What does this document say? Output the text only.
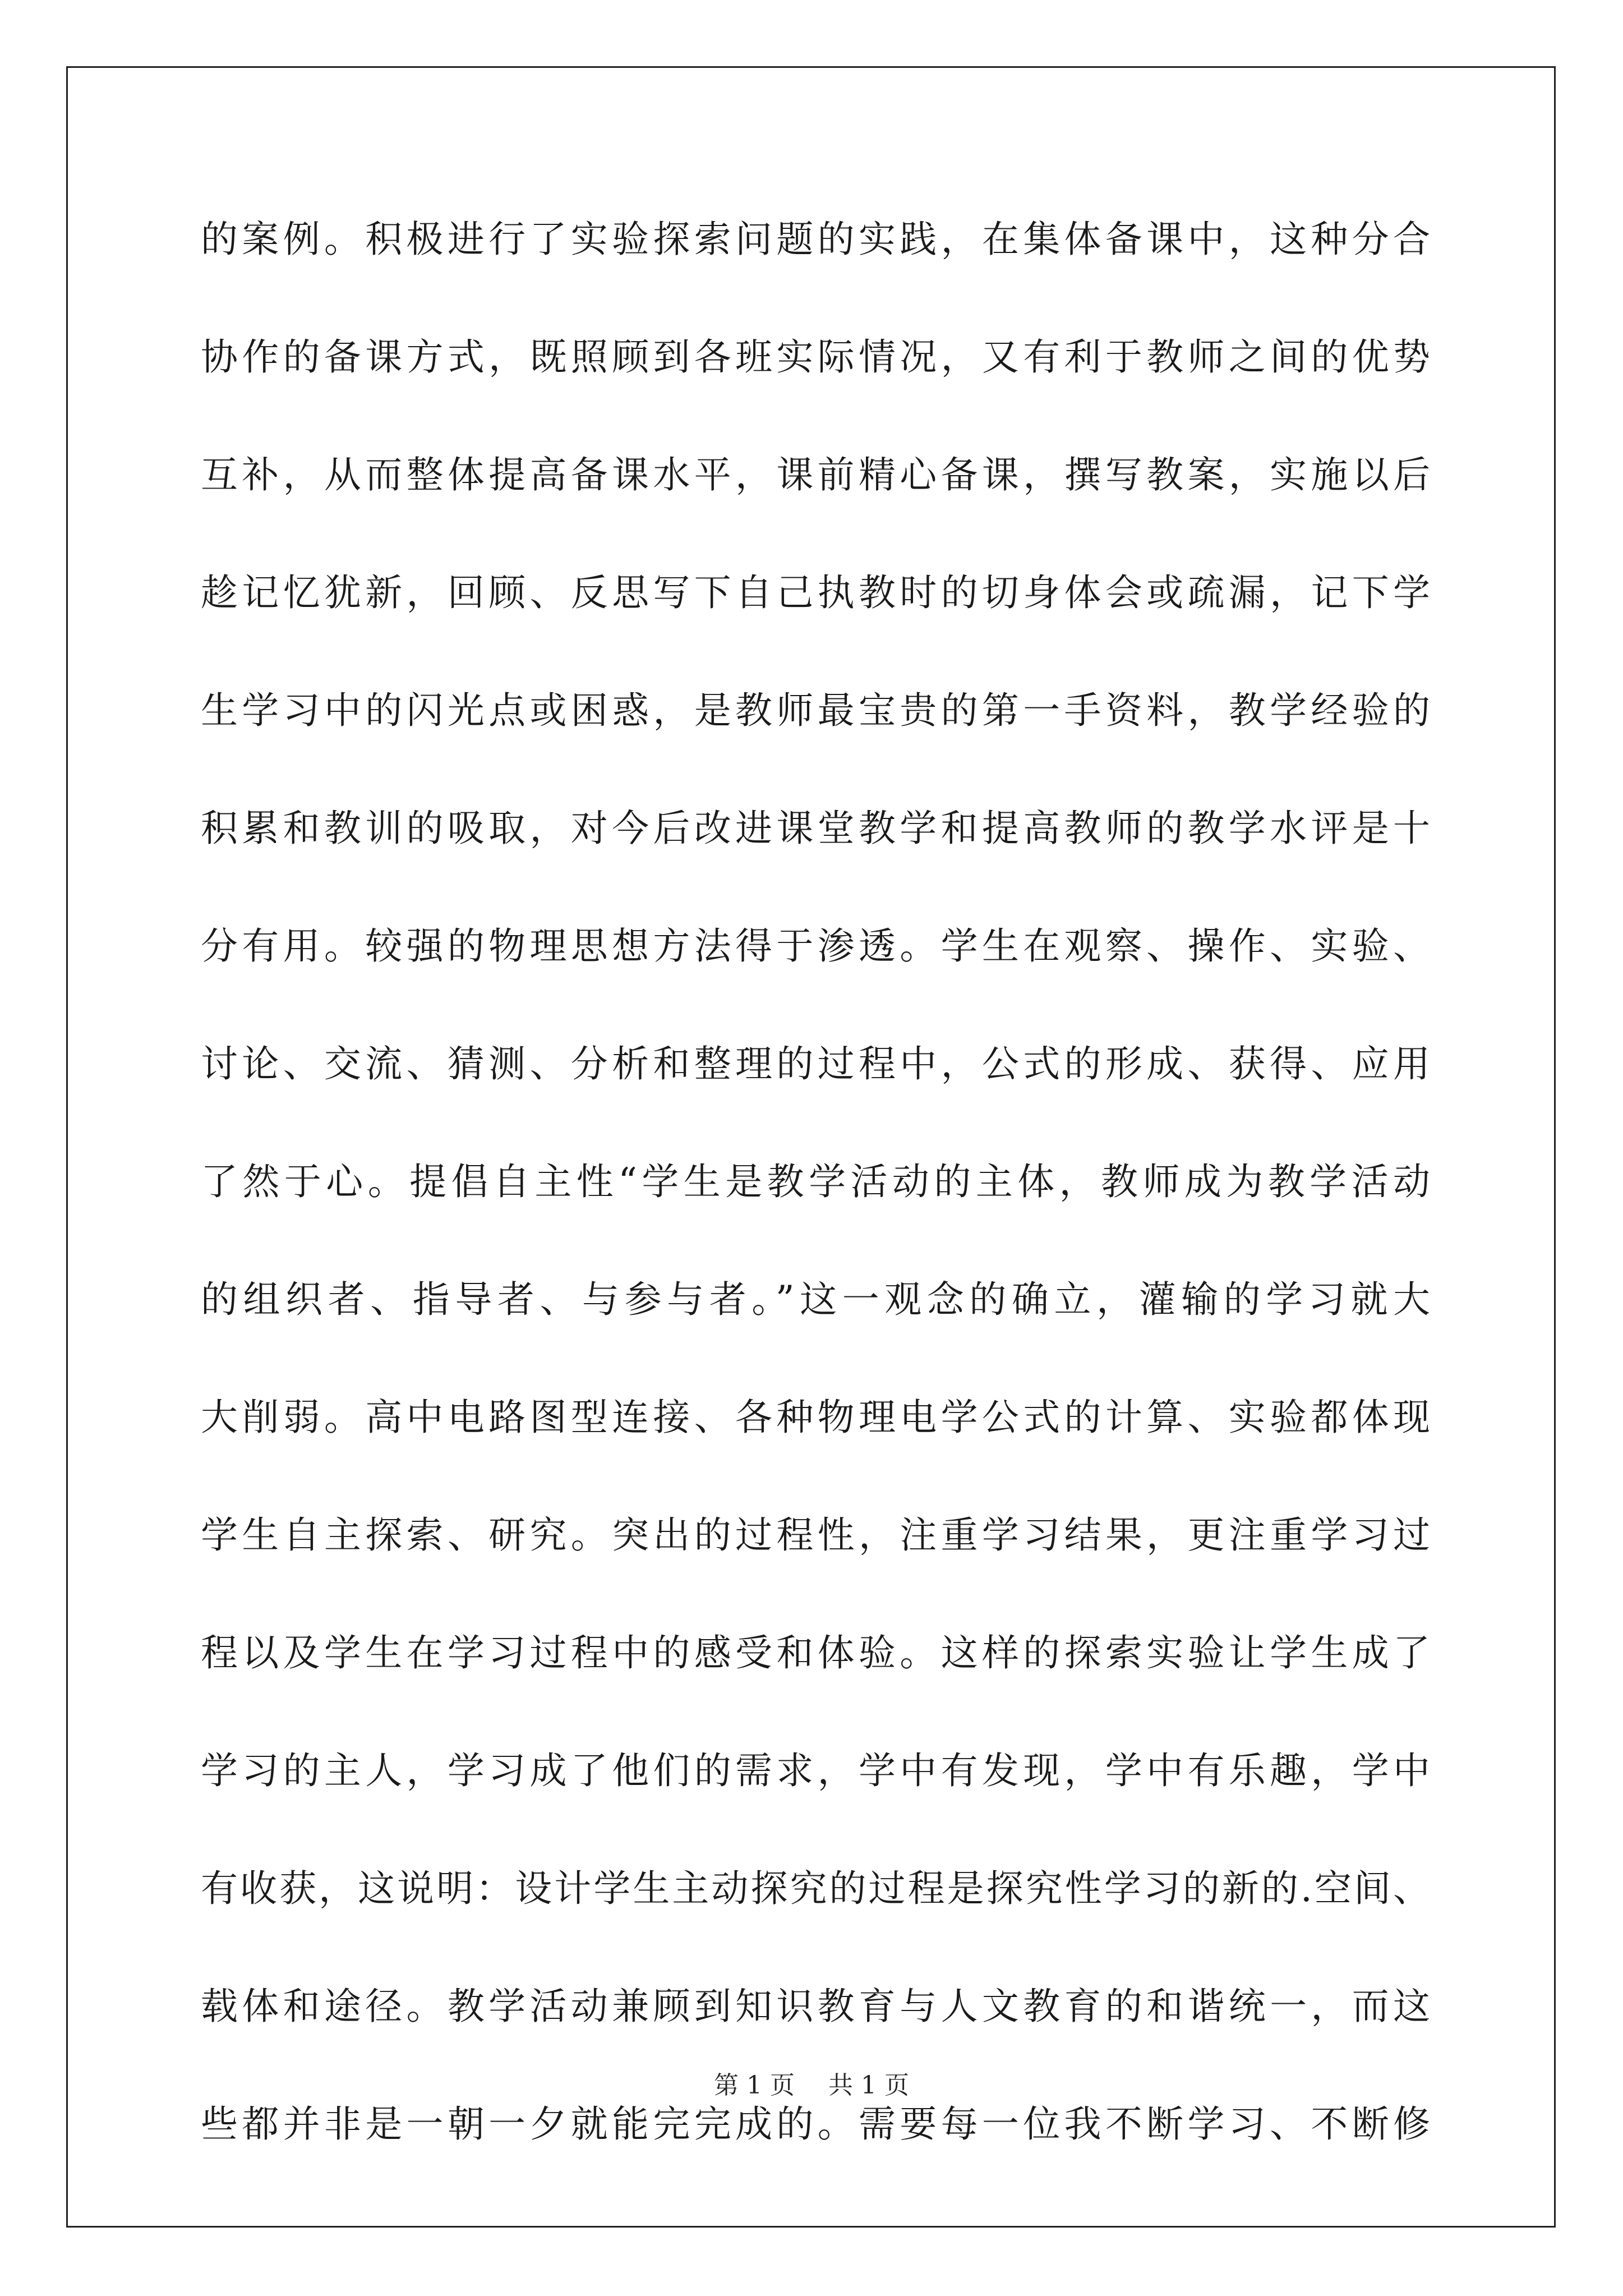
的案例。积极进行了实验探索问题的实践，在集体备课中，这种分合
协作的备课方式，既照顾到各班实际情况，又有利于教师之间的优势
互补，从而整体提高备课水平，课前精心备课，撰写教案，实施以后
趁记忆犹新，回顾、反思写下自己执教时的切身体会或疏漏，记下学
生学习中的闪光点或困惑，是教师最宝贵的第一手资料，教学经验的
积累和教训的吸取，对今后改进课堂教学和提高教师的教学水评是十
分有用。较强的物理思想方法得于渗透。学生在观察、操作、实验、
讨论、交流、猜测、分析和整理的过程中，公式的形成、获得、应用
了然于心。提倡自主性“学生是教学活动的主体，教师成为教学活动
的组织者、指导者、与参与者。”这一观念的确立，灌输的学习就大
大削弱。高中电路图型连接、各种物理电学公式的计算、实验都体现
学生自主探索、研究。突出的过程性，注重学习结果，更注重学习过
程以及学生在学习过程中的感受和体验。这样的探索实验让学生成了
学习的主人，学习成了他们的需求，学中有发现，学中有乐趣，学中
有收获，这说明：设计学生主动探究的过程是探究性学习的新的.空间、
载体和途径。教学活动兼顾到知识教育与人文教育的和谐统一，而这
些都并非是一朝一夕就能完完成的。需要每一位我不断学习、不断修
第 1 页 共 1 页
